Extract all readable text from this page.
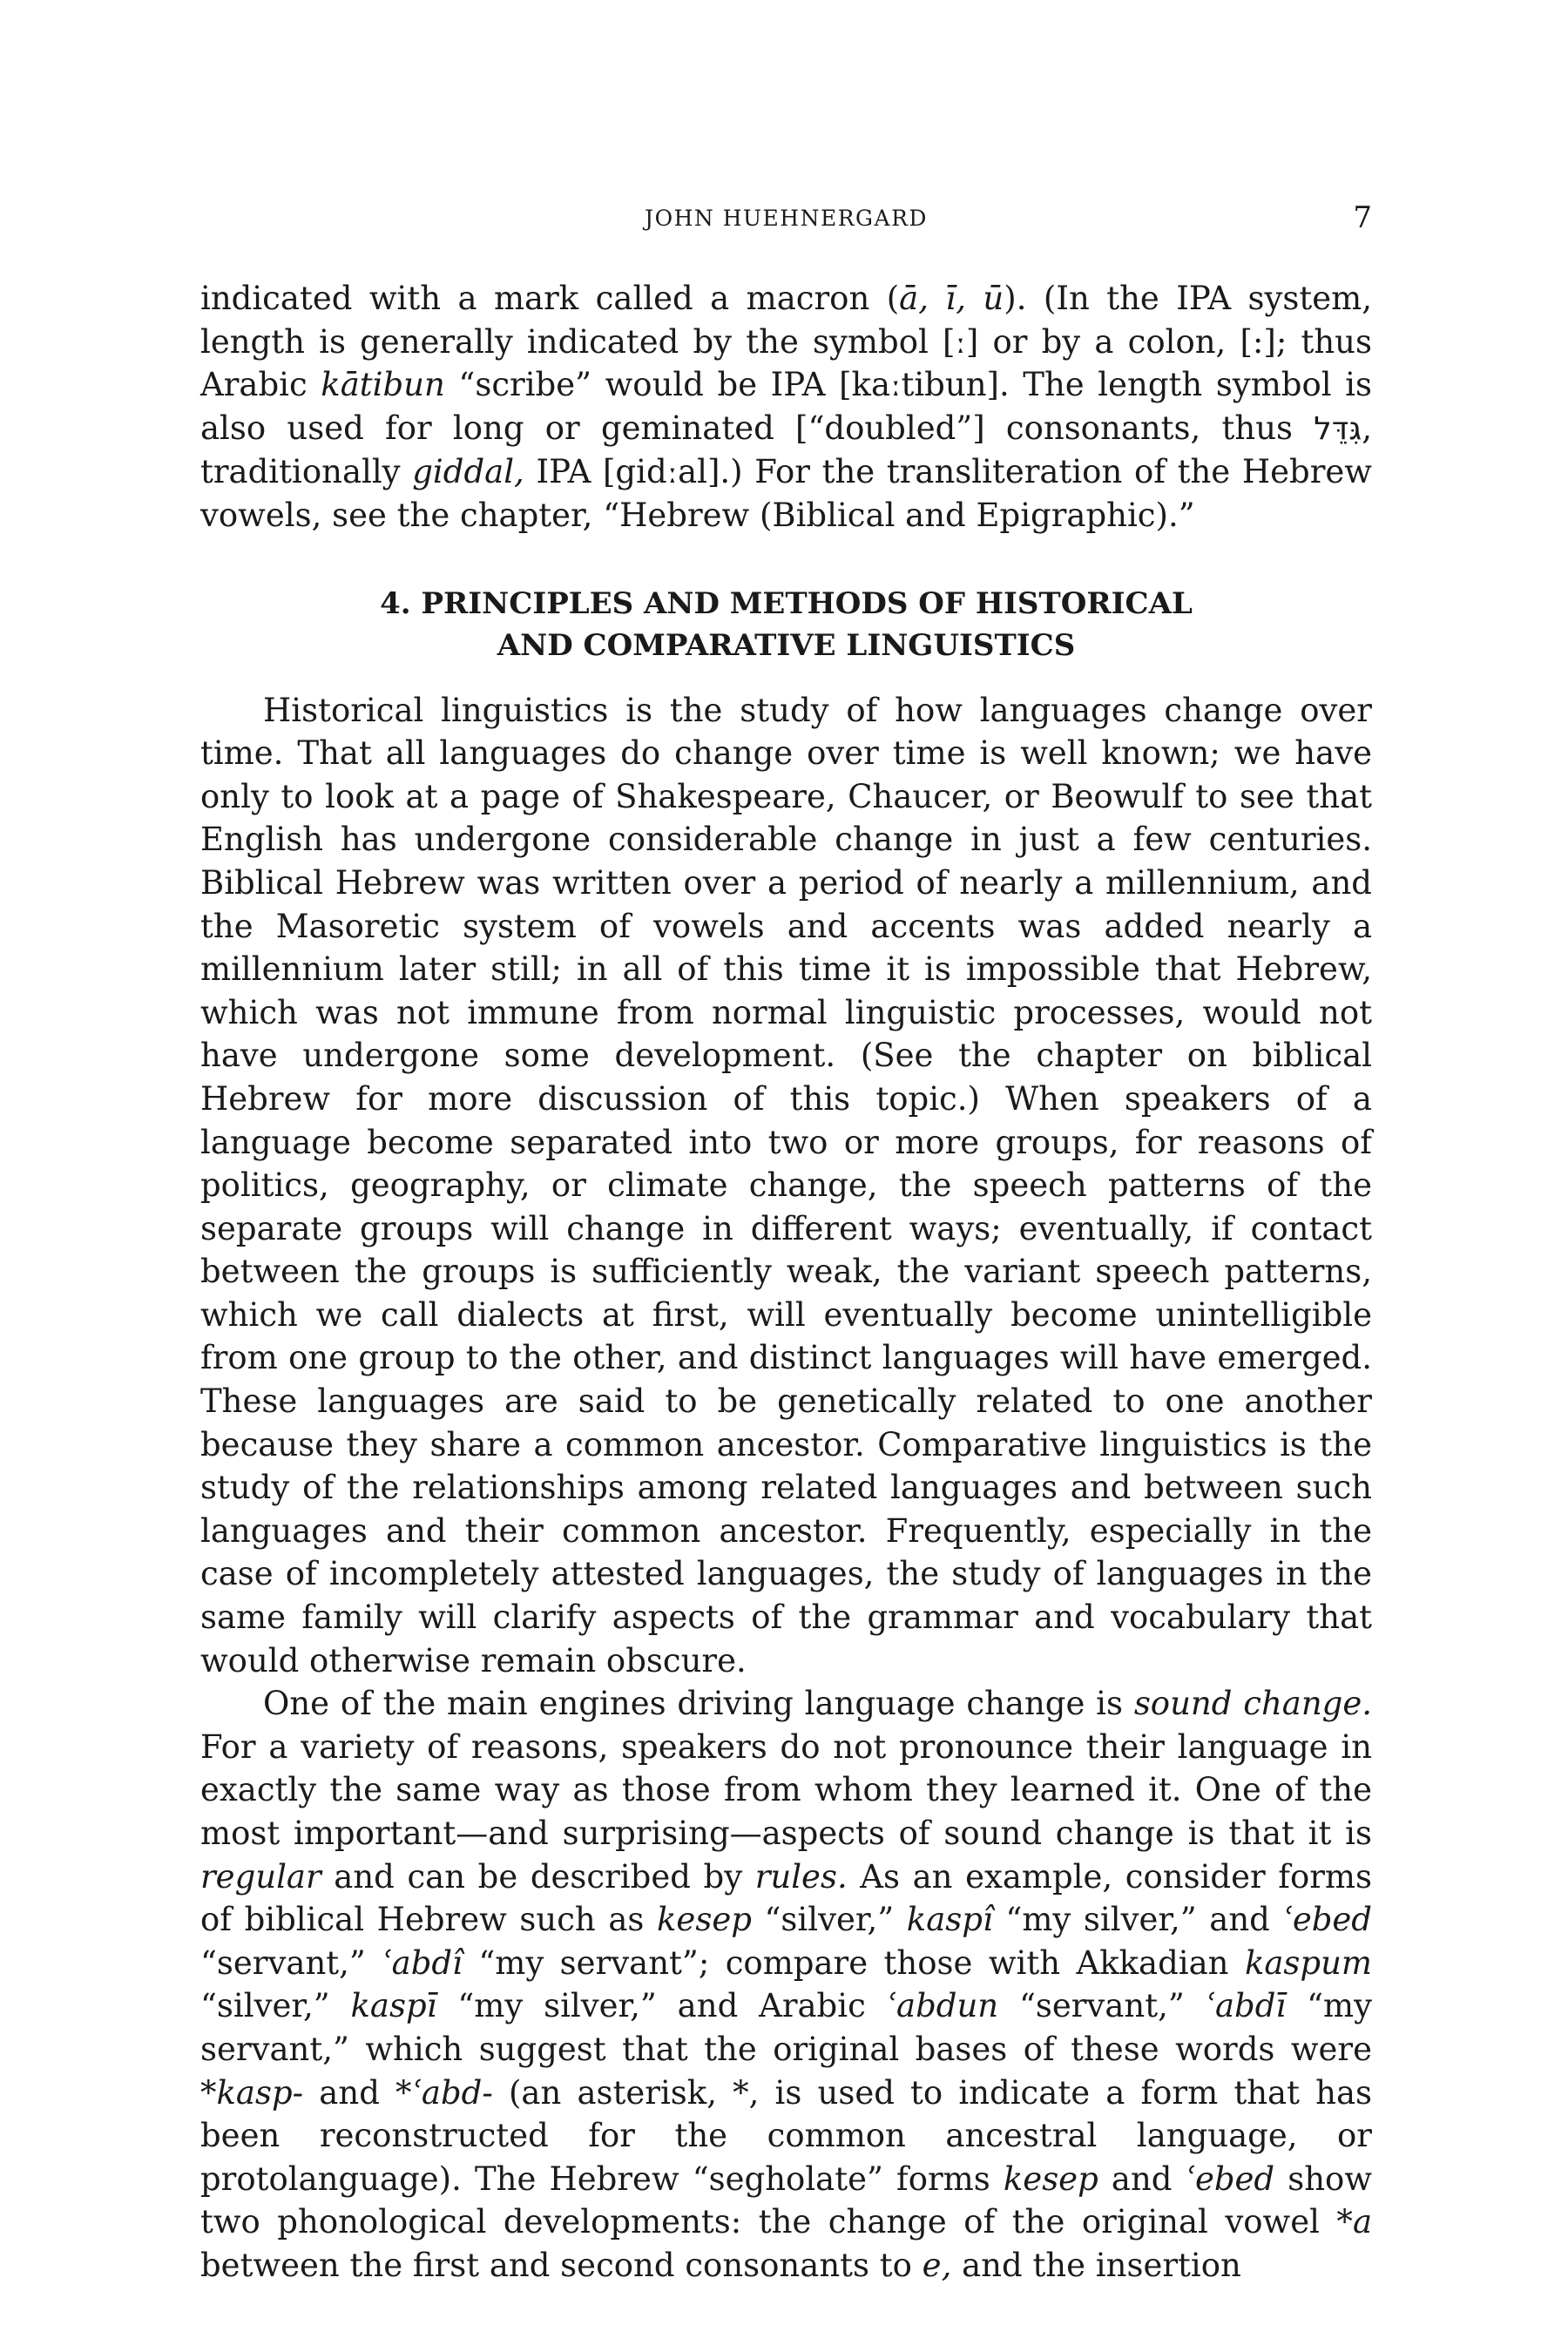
JOHN HUEHNERGARD	7

indicated with a mark called a macron (ā, ī, ū). (In the IPA system, length is generally indicated by the symbol [ː] or by a colon, [:]; thus Arabic kātibun “scribe” would be IPA [kaːtibun]. The length symbol is also used for long or geminated [“doubled”] consonants, thus גִּדֵּל, traditionally giddal, IPA [gidːal].) For the transliteration of the Hebrew vowels, see the chapter, “Hebrew (Biblical and Epigraphic).”

4. PRINCIPLES AND METHODS OF HISTORICAL
AND COMPARATIVE LINGUISTICS

Historical linguistics is the study of how languages change over time. That all languages do change over time is well known; we have only to look at a page of Shakespeare, Chaucer, or Beowulf to see that English has undergone considerable change in just a few centuries. Biblical Hebrew was written over a period of nearly a millennium, and the Masoretic system of vowels and accents was added nearly a millennium later still; in all of this time it is impossible that Hebrew, which was not immune from normal linguistic processes, would not have undergone some development. (See the chapter on biblical Hebrew for more discussion of this topic.) When speakers of a language become separated into two or more groups, for reasons of politics, geography, or climate change, the speech patterns of the separate groups will change in different ways; eventually, if contact between the groups is sufficiently weak, the variant speech patterns, which we call dialects at first, will eventually become unintelligible from one group to the other, and distinct languages will have emerged. These languages are said to be genetically related to one another because they share a common ancestor. Comparative linguistics is the study of the relationships among related languages and between such languages and their common ancestor. Frequently, especially in the case of incompletely attested languages, the study of languages in the same family will clarify aspects of the grammar and vocabulary that would otherwise remain obscure.

One of the main engines driving language change is sound change. For a variety of reasons, speakers do not pronounce their language in exactly the same way as those from whom they learned it. One of the most important—and surprising—aspects of sound change is that it is regular and can be described by rules. As an example, consider forms of biblical Hebrew such as kesep “silver,” kaspî “my silver,” and ʿebed “servant,” ʿabdî “my servant”; compare those with Akkadian kaspum “silver,” kaspī “my silver,” and Arabic ʿabdun “servant,” ʿabdī “my servant,” which suggest that the original bases of these words were *kasp- and *ʿabd- (an asterisk, *, is used to indicate a form that has been reconstructed for the common ancestral language, or protolanguage). The Hebrew “segholate” forms kesep and ʿebed show two phonological developments: the change of the original vowel *a between the first and second consonants to e, and the insertion
